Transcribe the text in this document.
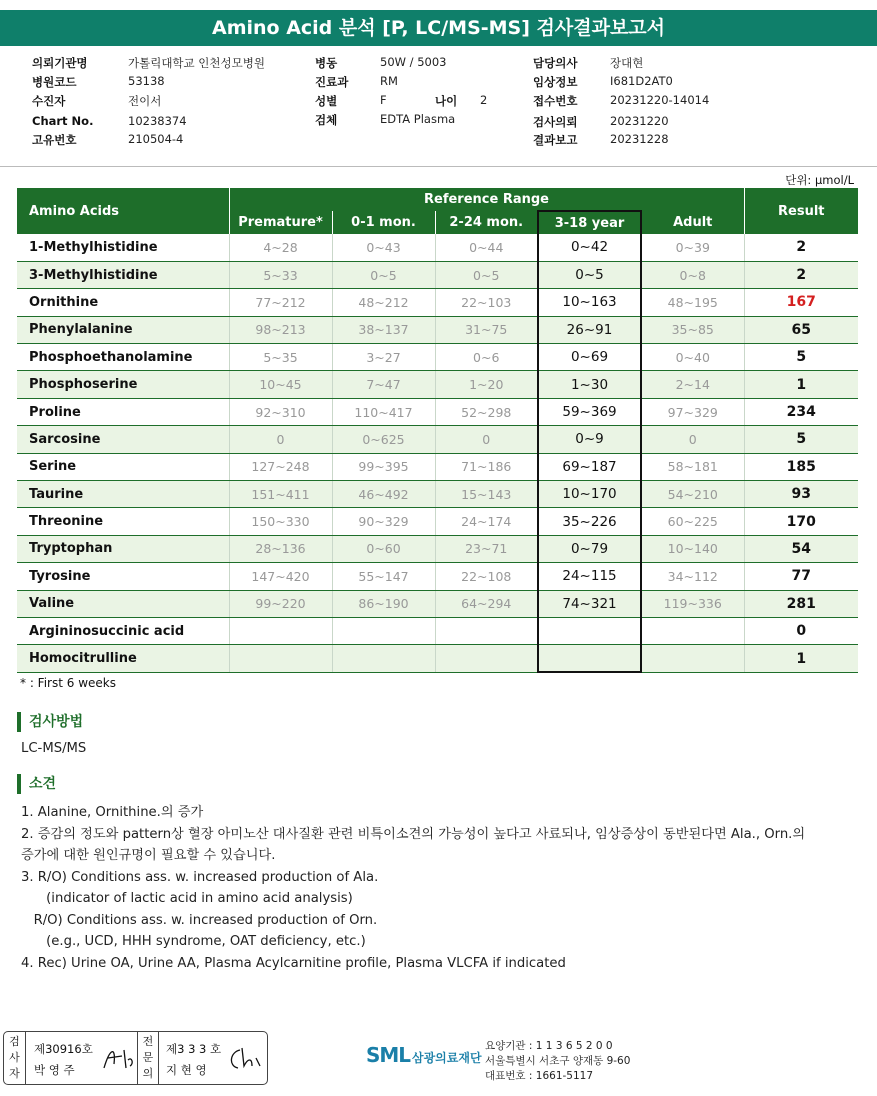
Amino Acid 분석 [P, LC/MS-MS] 검사결과보고서
의뢰기관명	가톨릭대학교 인천성모병원
병원코드	53138
수진자	전이서
Chart No.	10238374
고유번호	210504-4
병동	50W / 5003
진료과	RM
성별	F	나이 2
검체	EDTA Plasma
담당의사	장대현
임상정보	I681D2AT0
접수번호	20231220-14014
검사의뢰	20231220
결과보고	20231228
단위: μmol/L
Amino Acids	Reference Range					Result
	Premature*	0-1 mon.	2-24 mon.	3-18 year	Adult	
1-Methylhistidine	4~28	0~43	0~44	0~42	0~39	2
3-Methylhistidine	5~33	0~5	0~5	0~5	0~8	2
Ornithine	77~212	48~212	22~103	10~163	48~195	167
Phenylalanine	98~213	38~137	31~75	26~91	35~85	65
Phosphoethanolamine	5~35	3~27	0~6	0~69	0~40	5
Phosphoserine	10~45	7~47	1~20	1~30	2~14	1
Proline	92~310	110~417	52~298	59~369	97~329	234
Sarcosine	0	0~625	0	0~9	0	5
Serine	127~248	99~395	71~186	69~187	58~181	185
Taurine	151~411	46~492	15~143	10~170	54~210	93
Threonine	150~330	90~329	24~174	35~226	60~225	170
Tryptophan	28~136	0~60	23~71	0~79	10~140	54
Tyrosine	147~420	55~147	22~108	24~115	34~112	77
Valine	99~220	86~190	64~294	74~321	119~336	281
Argininosuccinic acid						0
Homocitrulline						1
* : First 6 weeks
검사방법
LC-MS/MS
소견
1. Alanine, Ornithine.의 증가
2. 증감의 정도와 pattern상 혈장 아미노산 대사질환 관련 비특이소견의 가능성이 높다고 사료되나, 임상증상이 동반된다면 Ala., Orn.의
증가에 대한 원인규명이 필요할 수 있습니다.
3. R/O) Conditions ass. w. increased production of Ala.
(indicator of lactic acid in amino acid analysis)
R/O) Conditions ass. w. increased production of Orn.
(e.g., UCD, HHH syndrome, OAT deficiency, etc.)
4. Rec) Urine OA, Urine AA, Plasma Acylcarnitine profile, Plasma VLCFA if indicated
검사자
제30916호
박 영 주
전문의
제3 3 3 호
지 현 영
SML 삼광의료재단
요양기관 : 1 1 3 6 5 2 0 0
서울특별시 서초구 양재동 9-60
대표번호 : 1661-5117
